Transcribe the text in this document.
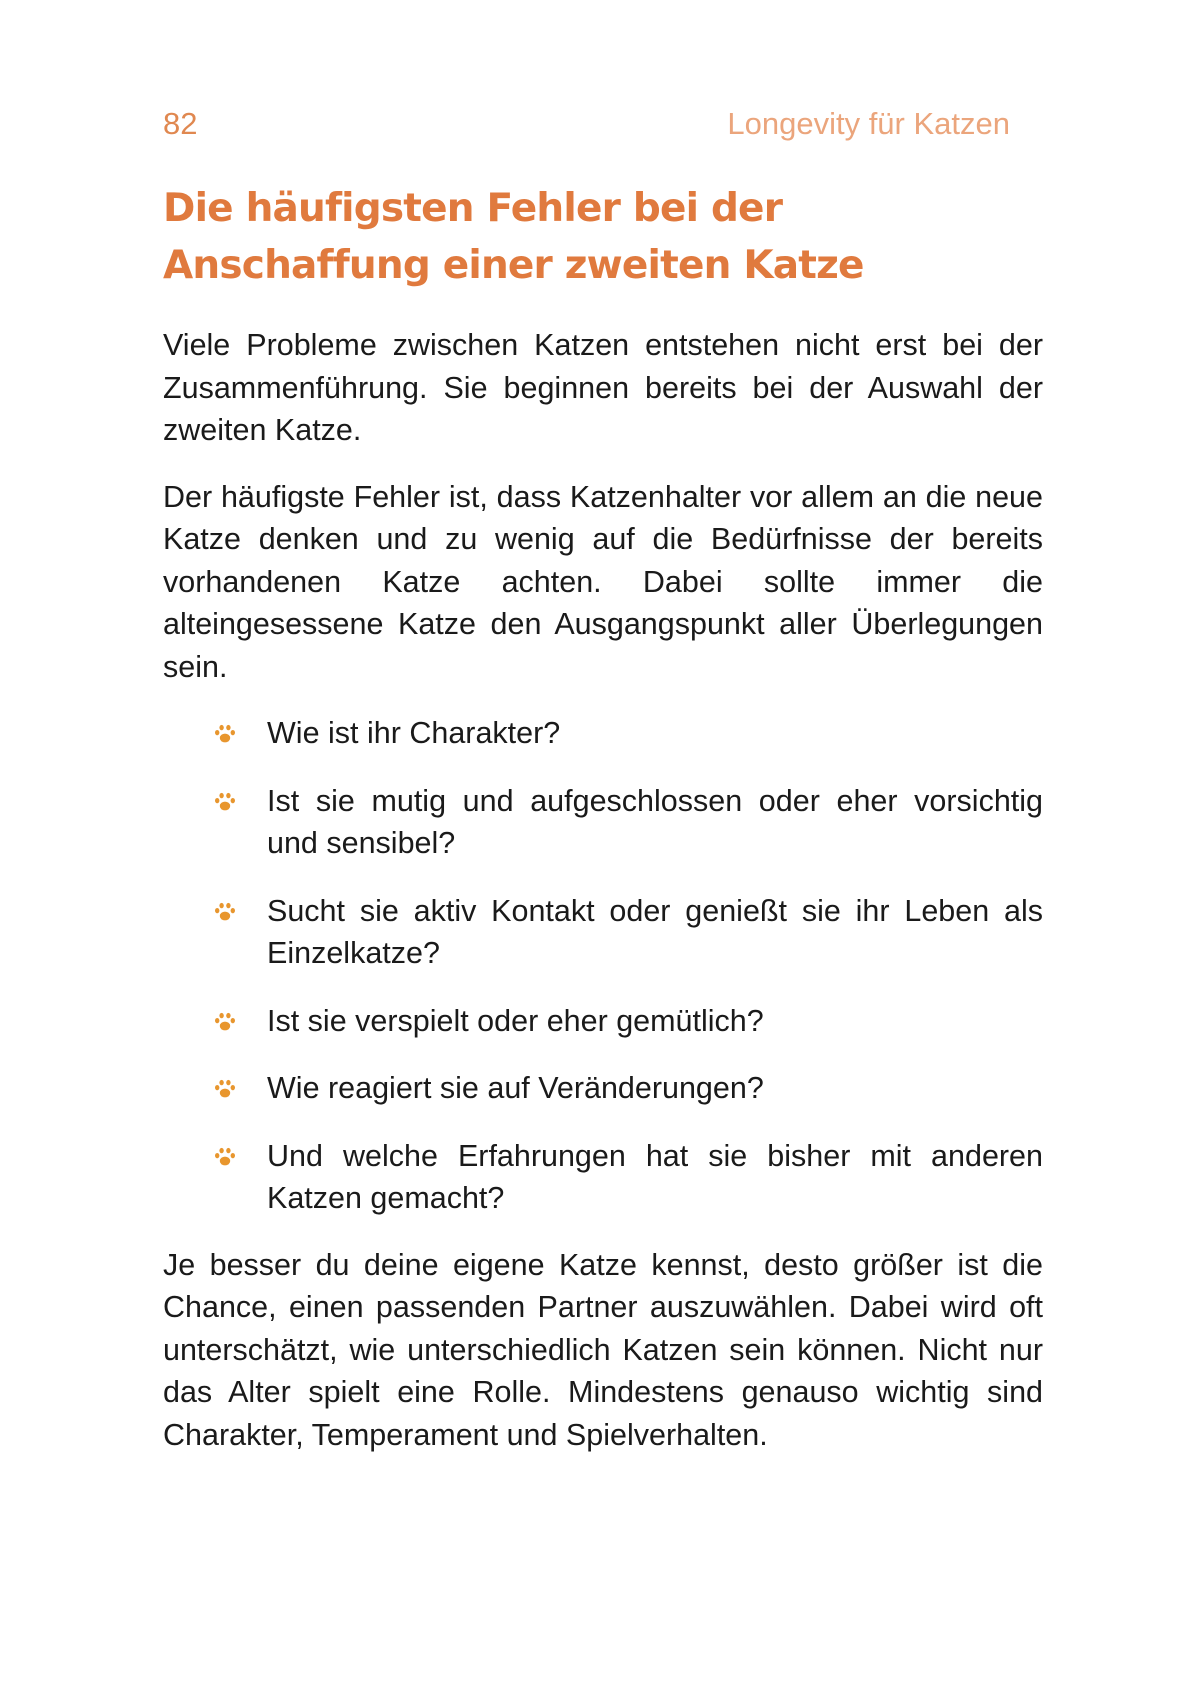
82	Longevity für Katzen
Die häufigsten Fehler bei der Anschaffung einer zweiten Katze

Viele Probleme zwischen Katzen entstehen nicht erst bei der Zusammenführung. Sie beginnen bereits bei der Auswahl der zweiten Katze.

Der häufigste Fehler ist, dass Katzenhalter vor allem an die neue Katze denken und zu wenig auf die Bedürfnisse der bereits vorhandenen Katze achten. Dabei sollte immer die alteingesessene Katze den Ausgangspunkt aller Überlegungen sein.

Wie ist ihr Charakter?
Ist sie mutig und aufgeschlossen oder eher vorsichtig und sensibel?
Sucht sie aktiv Kontakt oder genießt sie ihr Leben als Einzelkatze?
Ist sie verspielt oder eher gemütlich?
Wie reagiert sie auf Veränderungen?
Und welche Erfahrungen hat sie bisher mit anderen Katzen gemacht?

Je besser du deine eigene Katze kennst, desto größer ist die Chance, einen passenden Partner auszuwählen. Dabei wird oft unterschätzt, wie unterschiedlich Katzen sein können. Nicht nur das Alter spielt eine Rolle. Mindestens genauso wichtig sind Charakter, Temperament und Spielverhalten.
